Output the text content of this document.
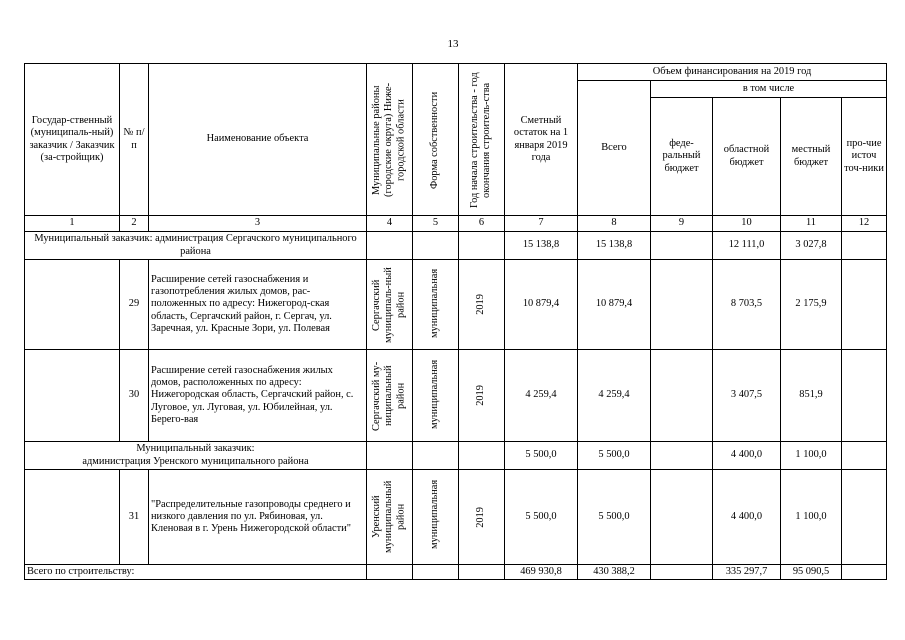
13
Государ-ственный (муниципаль-ный) заказчик / Заказчик (за-стройщик)	№ п/п	Наименование объекта	Муниципальные районы (городские округа) Ниже-городской области	Форма собственности	Год начала строительства - год окончания строитель-ства	Сметный остаток на 1 января 2019 года	Объем финансирования на 2019 год				
							Всего	в том числе			
								феде-ральный бюджет	областной бюджет	местный бюджет	про-чие источ точ-ники
1	2	3	4	5	6	7	8	9	10	11	12
Муниципальный заказчик: администрация Сергачского муниципального района						15 138,8	15 138,8		12 111,0	3 027,8	
	29	Расширение сетей газоснабжения и газопотребления жилых домов, рас-положенных по адресу: Нижегород-ская область, Сергачский район, г. Сергач, ул. Заречная, ул. Красные Зори, ул. Полевая	Сергачский муниципаль-ный район	муниципальная	2019	10 879,4	10 879,4		8 703,5	2 175,9	
	30	Расширение сетей газоснабжения жилых домов, расположенных по адресу: Нижегородская область, Сергачский район, с. Луговое, ул. Луговая, ул. Юбилейная, ул. Берего-вая	Сергачский му-ниципальный район	муниципальная	2019	4 259,4	4 259,4		3 407,5	851,9	

Муниципальный заказчик:
администрация Уренского муниципального района						5 500,0	5 500,0		4 400,0	1 100,0	
	31	"Распределительные газопроводы среднего и низкого давления по ул. Рябиновая, ул. Кленовая в г. Урень Нижегородской области"	Уренский муниципальный район	муниципальная	2019	5 500,0	5 500,0		4 400,0	1 100,0	
Всего по строительству:						469 930,8	430 388,2		335 297,7	95 090,5	
